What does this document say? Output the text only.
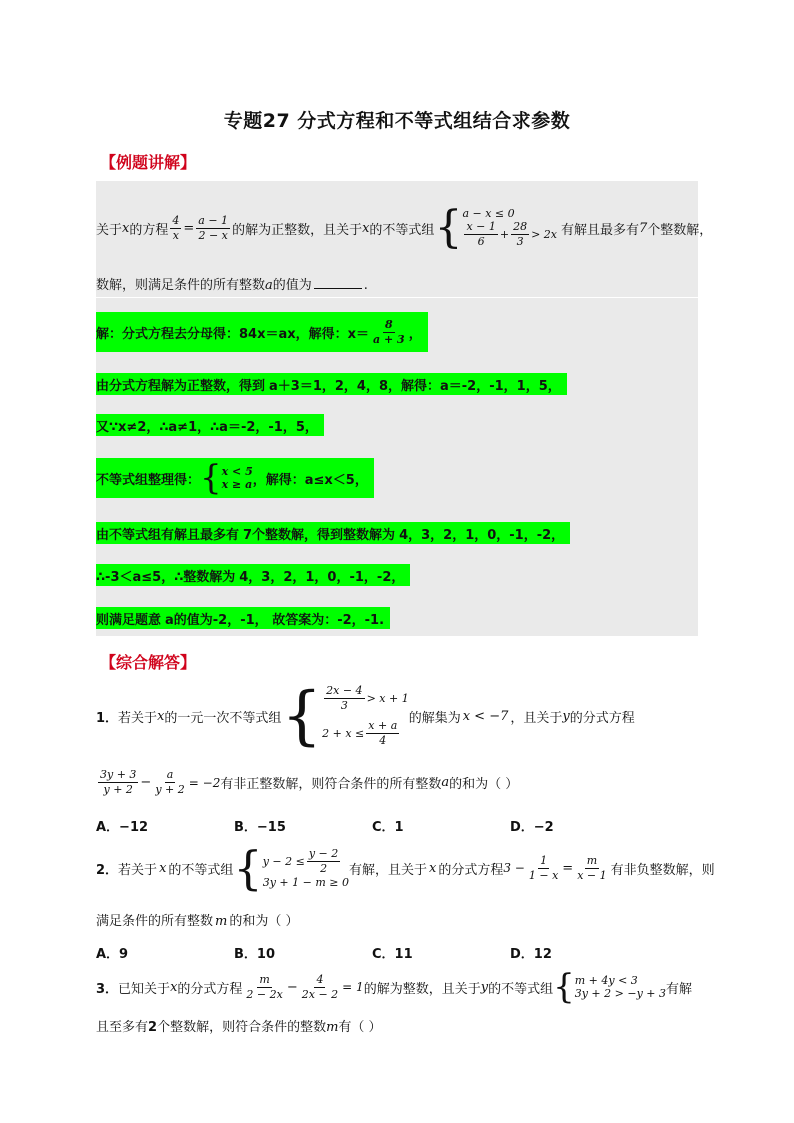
专题27 分式方程和不等式组结合求参数
【例题讲解】
关于 x 的方程 $\frac{4}{x} = \frac{a - 1}{2 - x}$ 的解为正整数，且关于 x 的不等式组 { a − x ≤ 0
$\frac{x - 1}{6} + \frac{28}{3} > 2x$ 有解且最多有 7 个整数解，
数解，则满足条件的所有整数a的值为	.
解：分式方程去分母得：84x＝ax，解得：$x= \frac{8}{a + 3}$ ，
由分式方程解为正整数，得到 a＋3＝1，2，4，8，解得：a＝-2，-1，1，5，
又∵x≠2，∴a≠1，∴a＝-2，-1，5，
不等式组整理得： { x < 5
x ≥ a ，解得：a≤x＜5，
由不等式组有解且最多有 7个整数解，得到整数解为 4，3，2，1，0，-1，-2，
∴-3＜a≤5，∴整数解为 4，3，2，1，0，-1，-2，
则满足题意 a的值为-2，-1， 故答案为：-2，-1.
【综合解答】
1． 若关于 x 的一元一次不等式组 { $\frac{2x - 4}{3} > x + 1$
$2 + x \le \frac{x + a}{4}$
的解集为 x < −7 ，且关于 y 的分式方程
$\frac{3y + 3}{y + 2} - \frac{a}{y + 2} = -2$ 有非正整数解，则符合条件的所有整数 a 的和为（ ）
A．−12	B．−15	C．1	D．−2
2． 若关于 x 的不等式组 { $y - 2 \le \frac{y - 2}{2}$
3y + 1 − m ≥ 0
有解，且关于 x 的分式方程 $3 - \frac{1}{1 - x} = \frac{m}{x - 1}$ 有非负整数解，则
满足条件的所有整数 m 的和为（ ）
A．9	B．10	C．11	D．12
3． 已知关于 x 的分式方程 $\frac{m}{2 - 2x} - \frac{4}{2x - 2} = 1$ 的解为整数，且关于 y 的不等式组 { m + 4y < 3
3y + 2 > −y + 3 有解
且至多有2个整数解，则符合条件的整数m有（ ）
